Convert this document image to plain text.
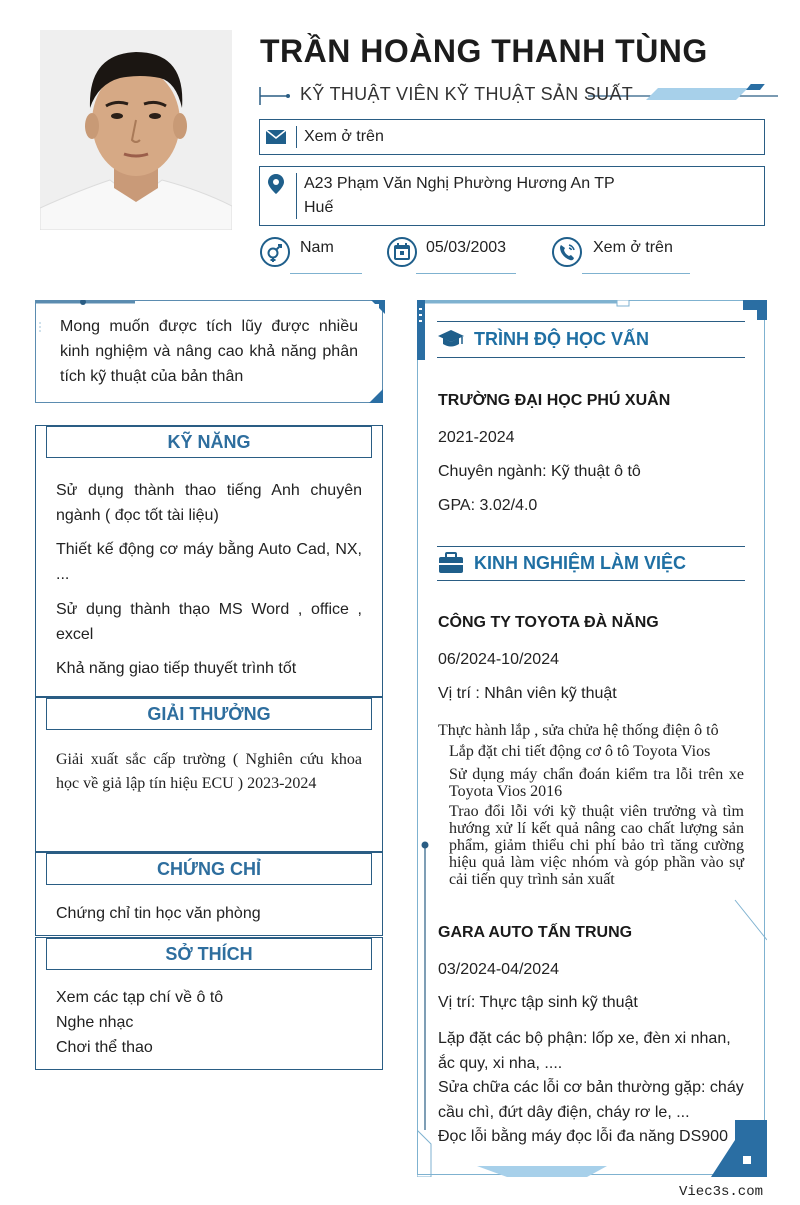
TRẦN HOÀNG THANH TÙNG
KỸ THUẬT VIÊN KỸ THUẬT SẢN SUẤT
Xem ở trên
A23 Phạm Văn Nghị Phường Hương An TP Huế
Nam	05/03/2003	Xem ở trên
Mong muốn được tích lũy được nhiều kinh nghiệm và nâng cao khả năng phân tích kỹ thuật của bản thân
KỸ NĂNG
Sử dụng thành thao tiếng Anh chuyên ngành ( đọc tốt tài liệu)
Thiết kế động cơ máy bằng Auto Cad, NX, ...
Sử dụng thành thạo MS Word , office , excel
Khả năng giao tiếp thuyết trình tốt
GIẢI THƯỞNG
Giải xuất sắc cấp trường ( Nghiên cứu khoa học về giả lập tín hiệu ECU ) 2023-2024
CHỨNG CHỈ
Chứng chỉ tin học văn phòng
SỞ THÍCH
Xem các tạp chí về ô tô
Nghe nhạc
Chơi thể thao
TRÌNH ĐỘ HỌC VẤN
TRƯỜNG ĐẠI HỌC PHÚ XUÂN
2021-2024
Chuyên ngành: Kỹ thuật ô tô
GPA: 3.02/4.0
KINH NGHIỆM LÀM VIỆC
CÔNG TY TOYOTA ĐÀ NĂNG
06/2024-10/2024
Vị trí : Nhân viên kỹ thuật
Thực hành lắp , sửa chửa hệ thống điện ô tô
Lắp đặt chi tiết động cơ ô tô Toyota Vios
Sử dụng máy chẩn đoán kiểm tra lỗi trên xe Toyota Vios 2016
Trao đổi lỗi với kỹ thuật viên trưởng và tìm hướng xử lí kết quả nâng cao chất lượng sản phẩm, giảm thiểu chi phí bảo trì tăng cường hiệu quả làm việc nhóm và góp phần vào sự cải tiến quy trình sản xuất
GARA AUTO TẤN TRUNG
03/2024-04/2024
Vị trí: Thực tập sinh kỹ thuật
Lặp đặt các bộ phận: lốp xe, đèn xi nhan, ắc quy, xi nha, ....
Sửa chữa các lỗi cơ bản thường gặp: cháy cầu chì, đứt dây điện, cháy rơ le, ...
Đọc lỗi bằng máy đọc lỗi đa năng DS900
Viec3s.com
